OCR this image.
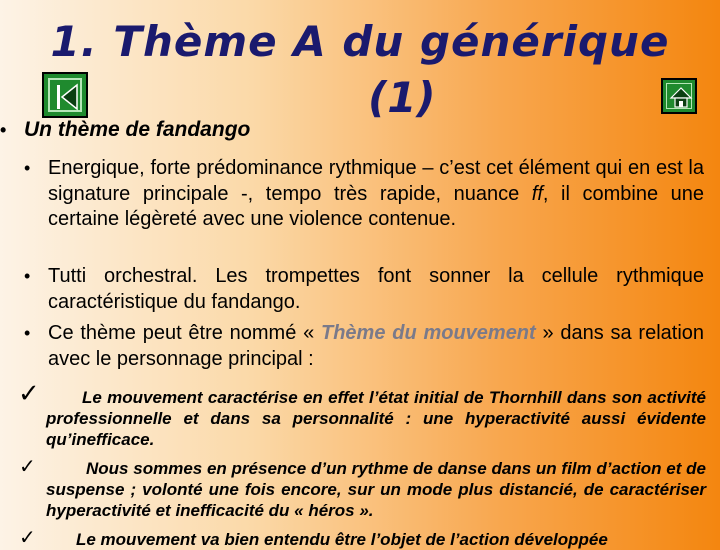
1. Thème A du générique
(1)
• Un thème de fandango
• Energique, forte prédominance rythmique – c’est cet élément qui en est la signature principale -, tempo très rapide, nuance ff, il combine une certaine légèreté avec une violence contenue.
• Tutti orchestral. Les trompettes font sonner la cellule rythmique caractéristique du fandango.
• Ce thème peut être nommé « Thème du mouvement » dans sa relation avec le personnage principal :
✓ Le mouvement caractérise en effet l’état initial de Thornhill dans son activité professionnelle et dans sa personnalité : une hyperactivité aussi évidente qu’inefficace.
✓	Nous sommes en présence d’un rythme de danse dans un film d’action et de suspense ; volonté une fois encore, sur un mode plus distancié, de caractériser hyperactivité et inefficacité du « héros ».
✓ Le mouvement va bien entendu être l’objet de l’action développée
